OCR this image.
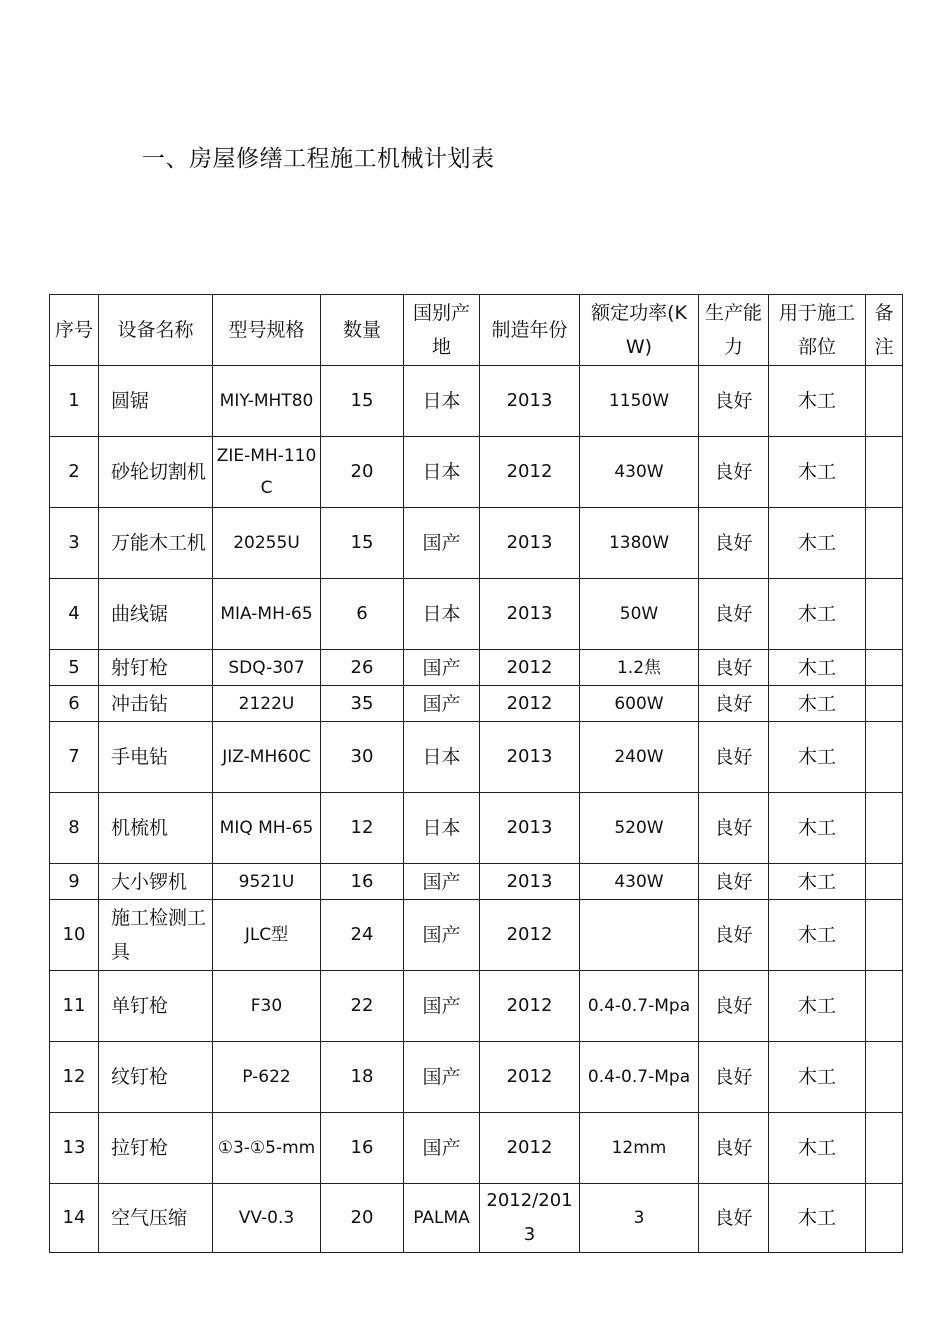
一、房屋修缮工程施工机械计划表
序号	设备名称	型号规格	数量	国别产地	制造年份	额定功率(KW)	生产能力	用于施工部位	备注
1	圆锯	MIY-MHT80	15	日本	2013	1150W	良好	木工	
2	砂轮切割机	ZIE-MH-110C	20	日本	2012	430W	良好	木工	
3	万能木工机	20255U	15	国产	2013	1380W	良好	木工	
4	曲线锯	MIA-MH-65	6	日本	2013	50W	良好	木工	
5	射钉枪	SDQ-307	26	国产	2012	1.2焦	良好	木工	
6	冲击钻	2122U	35	国产	2012	600W	良好	木工	
7	手电钻	JIZ-MH60C	30	日本	2013	240W	良好	木工	
8	机梳机	MIQ MH-65	12	日本	2013	520W	良好	木工	
9	大小锣机	9521U	16	国产	2013	430W	良好	木工	
10	施工检测工具	JLC型	24	国产	2012		良好	木工	
11	单钉枪	F30	22	国产	2012	0.4-0.7-Mpa	良好	木工	
12	纹钉枪	P-622	18	国产	2012	0.4-0.7-Mpa	良好	木工	
13	拉钉枪	①3-①5-mm	16	国产	2012	12mm	良好	木工	
14	空气压缩	VV-0.3	20	PALMA	2012/2013	3	良好	木工	
